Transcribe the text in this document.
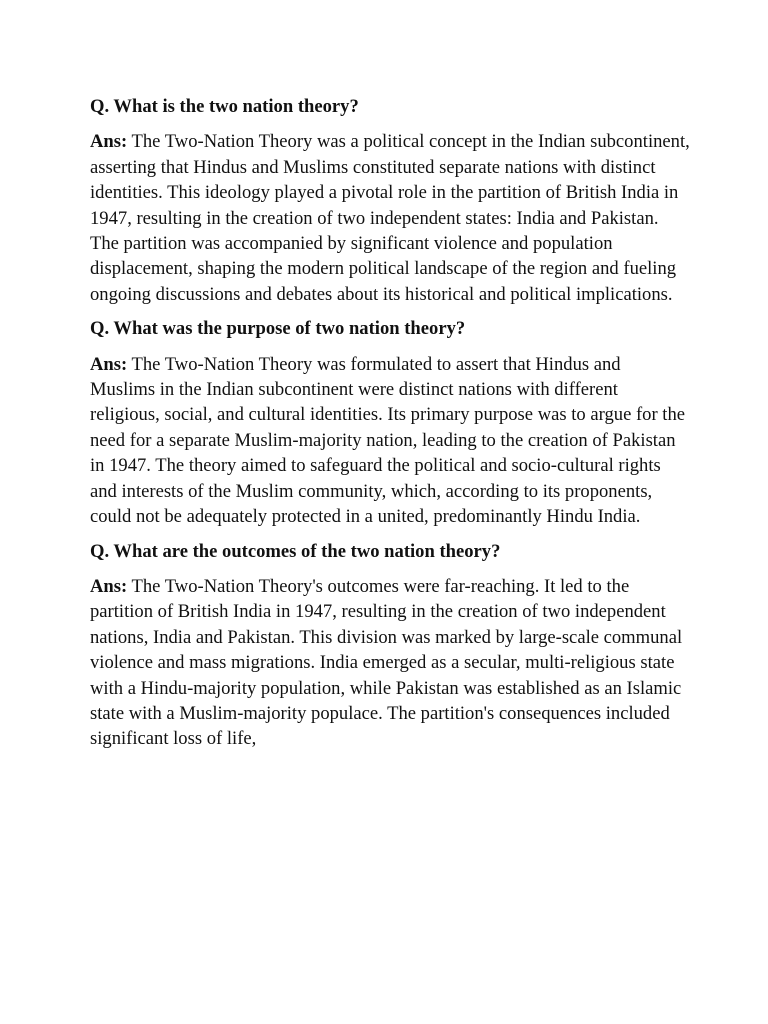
Q. What is the two nation theory?

Ans: The Two-Nation Theory was a political concept in the Indian subcontinent, asserting that Hindus and Muslims constituted separate nations with distinct identities. This ideology played a pivotal role in the partition of British India in 1947, resulting in the creation of two independent states: India and Pakistan. The partition was accompanied by significant violence and population displacement, shaping the modern political landscape of the region and fueling ongoing discussions and debates about its historical and political implications.

Q. What was the purpose of two nation theory?

Ans: The Two-Nation Theory was formulated to assert that Hindus and Muslims in the Indian subcontinent were distinct nations with different religious, social, and cultural identities. Its primary purpose was to argue for the need for a separate Muslim-majority nation, leading to the creation of Pakistan in 1947. The theory aimed to safeguard the political and socio-cultural rights and interests of the Muslim community, which, according to its proponents, could not be adequately protected in a united, predominantly Hindu India.

Q. What are the outcomes of the two nation theory?

Ans: The Two-Nation Theory's outcomes were far-reaching. It led to the partition of British India in 1947, resulting in the creation of two independent nations, India and Pakistan. This division was marked by large-scale communal violence and mass migrations. India emerged as a secular, multi-religious state with a Hindu-majority population, while Pakistan was established as an Islamic state with a Muslim-majority populace. The partition's consequences included significant loss of life,
